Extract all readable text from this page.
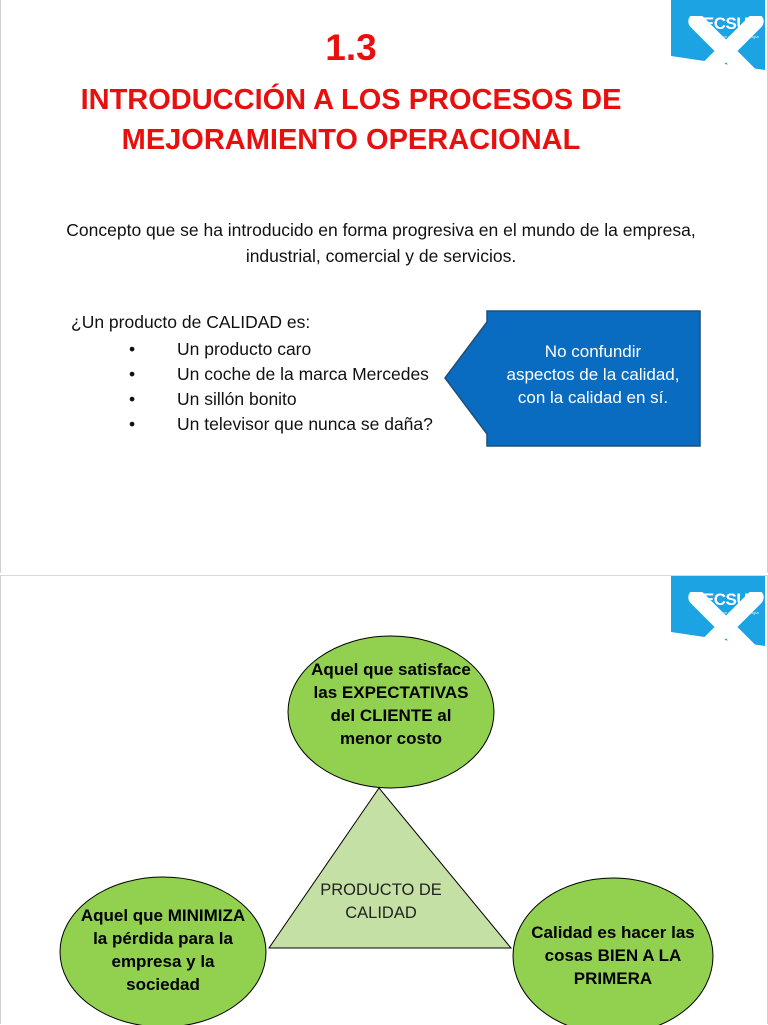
TECSUP
Pasión por la Tecnología

1.3

INTRODUCCIÓN A LOS PROCESOS DE
MEJORAMIENTO OPERACIONAL
Concepto que se ha introducido en forma progresiva en el mundo de la empresa,
industrial, comercial y de servicios.

¿Un producto de CALIDAD es:

• Un producto caro
• Un coche de la marca Mercedes
• Un sillón bonito
• Un televisor que nunca se daña?
No confundir
aspectos de la calidad,
con la calidad en sí.
TECSUP
Pasión por la Tecnología
Aquel que satisface
las EXPECTATIVAS
del CLIENTE al
menor costo
Aquel que MINIMIZA
la pérdida para la
empresa y la
sociedad
Calidad es hacer las
cosas BIEN A LA
PRIMERA
PRODUCTO DE
CALIDAD
